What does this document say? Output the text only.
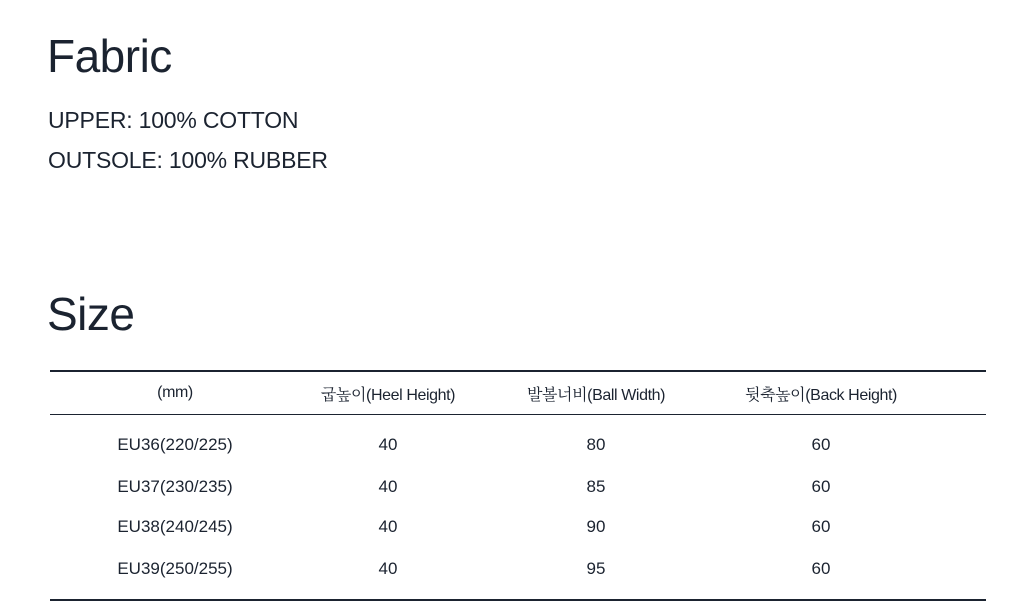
Fabric
UPPER: 100% COTTON
OUTSOLE: 100% RUBBER
Size
(mm)	굽높이(Heel Height)	발볼너비(Ball Width)	뒷축높이(Back Height)	
EU36(220/225)	40	80	60	
EU37(230/235)	40	85	60	
EU38(240/245)	40	90	60	
EU39(250/255)	40	95	60	
